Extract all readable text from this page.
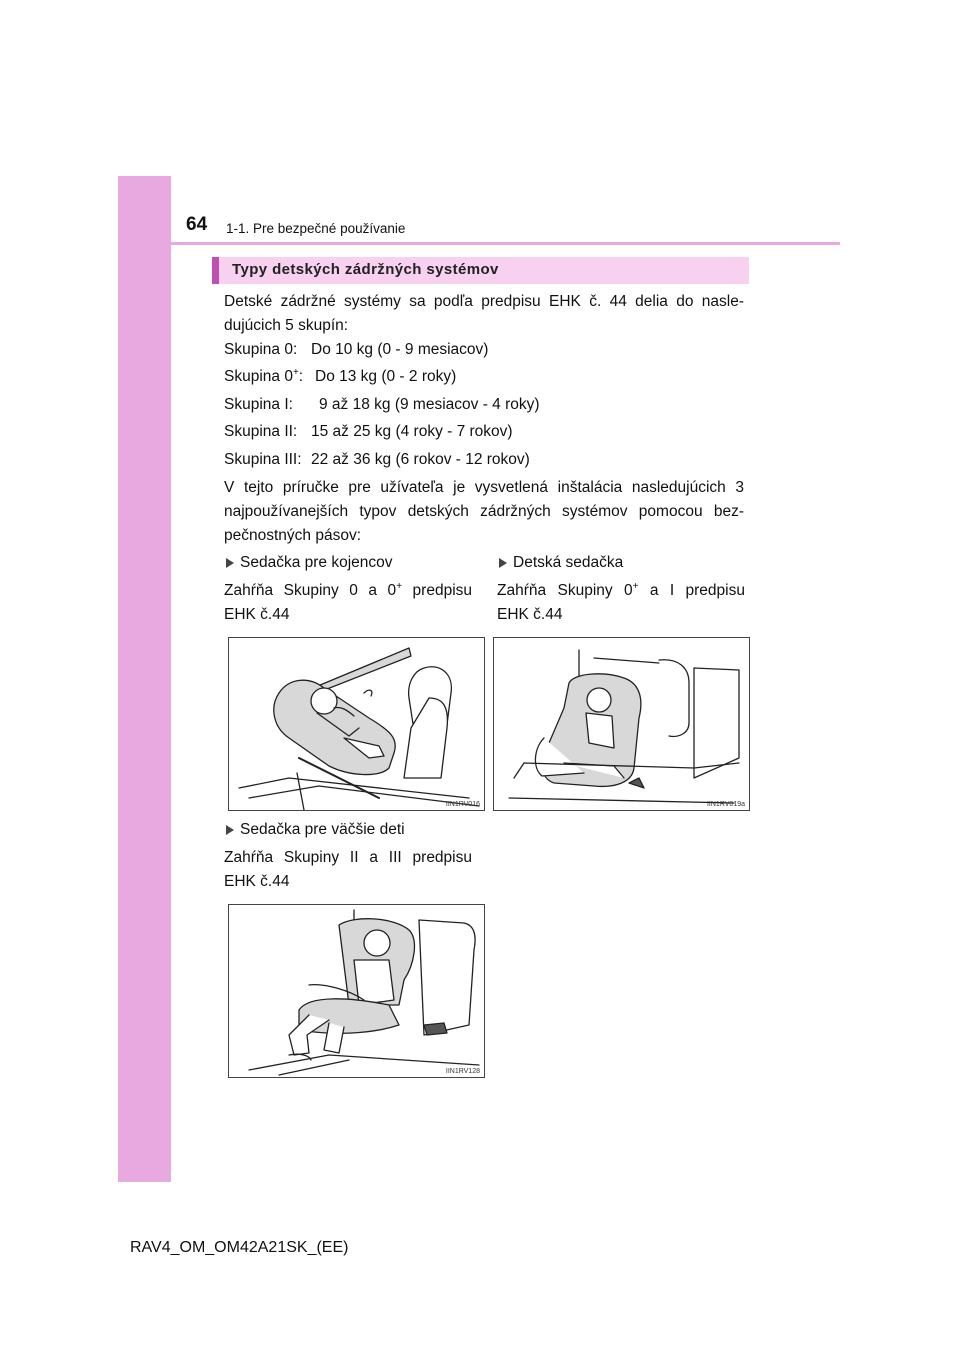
64 1-1. Pre bezpečné používanie
Typy detských zádržných systémov
Detské zádržné systémy sa podľa predpisu EHK č. 44 delia do nasle-dujúcich 5 skupín:
Skupina 0: Do 10 kg (0 - 9 mesiacov)
Skupina 0+: Do 13 kg (0 - 2 roky)
Skupina I: 9 až 18 kg (9 mesiacov - 4 roky)
Skupina II: 15 až 25 kg (4 roky - 7 rokov)
Skupina III: 22 až 36 kg (6 rokov - 12 rokov)
V tejto príručke pre užívateľa je vysvetlená inštalácia nasledujúcich 3 najpoužívanejších typov detských zádržných systémov pomocou bez-pečnostných pásov:
Sedačka pre kojencov
Zahŕňa Skupiny 0 a 0+ predpisu EHK č.44
Detská sedačka
Zahŕňa Skupiny 0+ a I predpisu EHK č.44
IIN1RV016	IIN1RV019a
Sedačka pre väčšie deti
Zahŕňa Skupiny II a III predpisu EHK č.44
IIN1RV128
RAV4_OM_OM42A21SK_(EE)
